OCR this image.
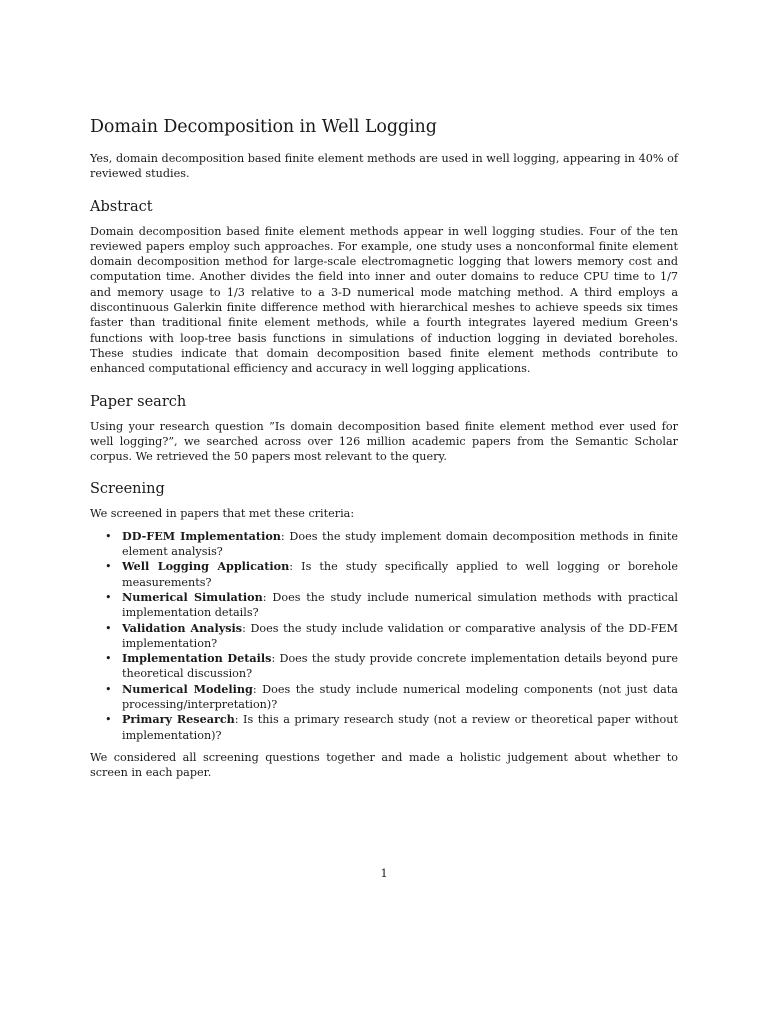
Domain Decomposition in Well Logging

Yes, domain decomposition based finite element methods are used in well logging, appearing in 40% of reviewed studies.

Abstract

Domain decomposition based finite element methods appear in well logging studies. Four of the ten reviewed papers employ such approaches. For example, one study uses a nonconformal finite element domain decomposition method for large-scale electromagnetic logging that lowers memory cost and computation time. Another divides the field into inner and outer domains to reduce CPU time to 1/7 and memory usage to 1/3 relative to a 3-D numerical mode matching method. A third employs a discontinuous Galerkin finite difference method with hierarchical meshes to achieve speeds six times faster than traditional finite element methods, while a fourth integrates layered medium Green's functions with loop-tree basis functions in simulations of induction logging in deviated boreholes. These studies indicate that domain decomposition based finite element methods contribute to enhanced computational efficiency and accuracy in well logging applications.

Paper search

Using your research question ”Is domain decomposition based finite element method ever used for well logging?”, we searched across over 126 million academic papers from the Semantic Scholar corpus. We retrieved the 50 papers most relevant to the query.

Screening

We screened in papers that met these criteria:

• DD-FEM Implementation: Does the study implement domain decomposition methods in finite element analysis?
• Well Logging Application: Is the study specifically applied to well logging or borehole measurements?
• Numerical Simulation: Does the study include numerical simulation methods with practical implementation details?
• Validation Analysis: Does the study include validation or comparative analysis of the DD-FEM implementation?
• Implementation Details: Does the study provide concrete implementation details beyond pure theoretical discussion?
• Numerical Modeling: Does the study include numerical modeling components (not just data processing/interpretation)?
• Primary Research: Is this a primary research study (not a review or theoretical paper without implementation)?

We considered all screening questions together and made a holistic judgement about whether to screen in each paper.

1
